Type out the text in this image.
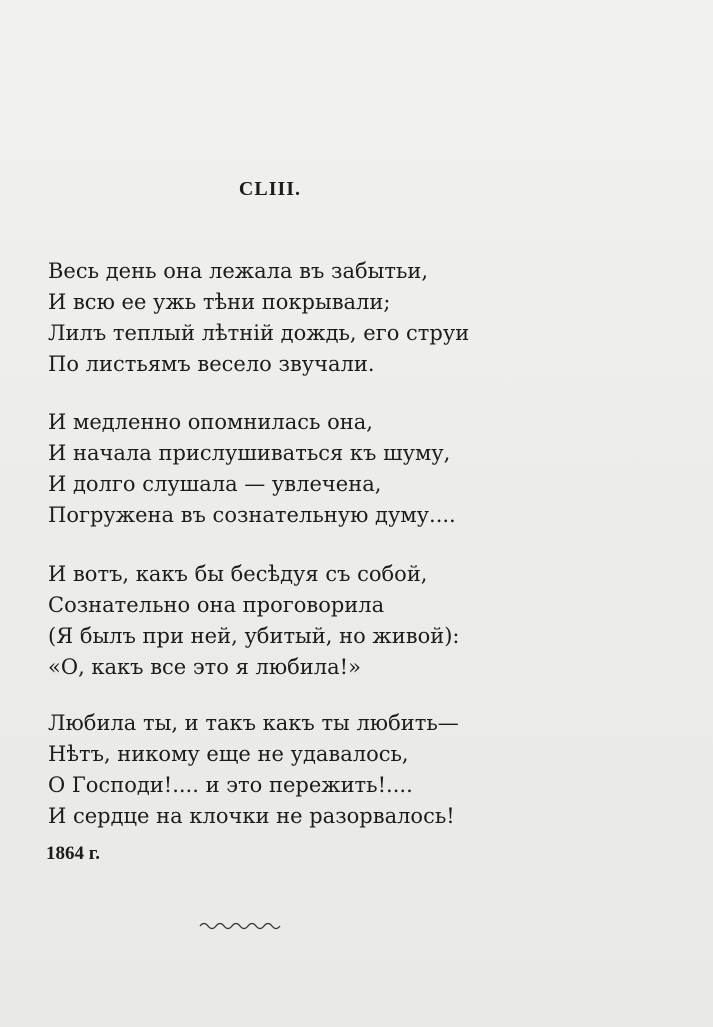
CLIII.
Весь день она лежала въ забытьи,
И всю ее ужь тѣни покрывали;
Лилъ теплый лѣтній дождь, его струи
По листьямъ весело звучали.
И медленно опомнилась она,
И начала прислушиваться къ шуму,
И долго слушала — увлечена,
Погружена въ сознательную думу....
И вотъ, какъ бы бесѣдуя съ собой,
Сознательно она проговорила
(Я былъ при ней, убитый, но живой):
«О, какъ все это я любила!»
Любила ты, и такъ какъ ты любить—
Нѣтъ, никому еще не удавалось,
О Господи!.... и это пережить!....
И сердце на клочки не разорвалось!
1864 г.
